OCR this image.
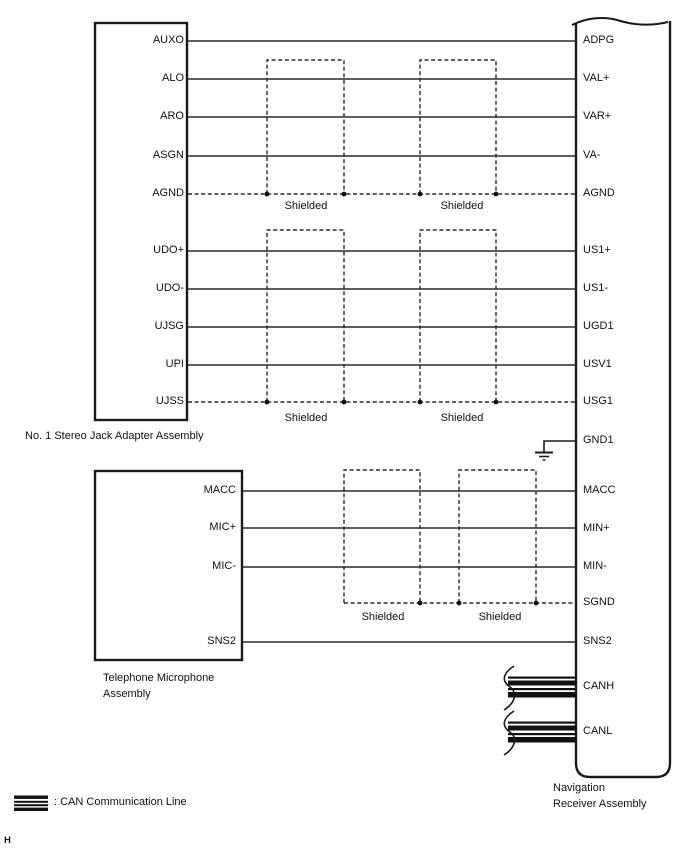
AUXO
ALO
ARO
ASGN
AGND
UDO+
UDO-
UJSG
UPI
UJSS
MACC
MIC+
MIC-
SNS2
ADPG
VAL+
VAR+
VA-
AGND
US1+
US1-
UGD1
USV1
USG1
GND1
MACC
MIN+
MIN-
SGND
SNS2
CANH
CANL
Shielded	Shielded
Shielded	Shielded
Shielded	Shielded
No. 1 Stereo Jack Adapter Assembly
Telephone Microphone
Assembly
Navigation
Receiver Assembly
: CAN Communication Line
H
